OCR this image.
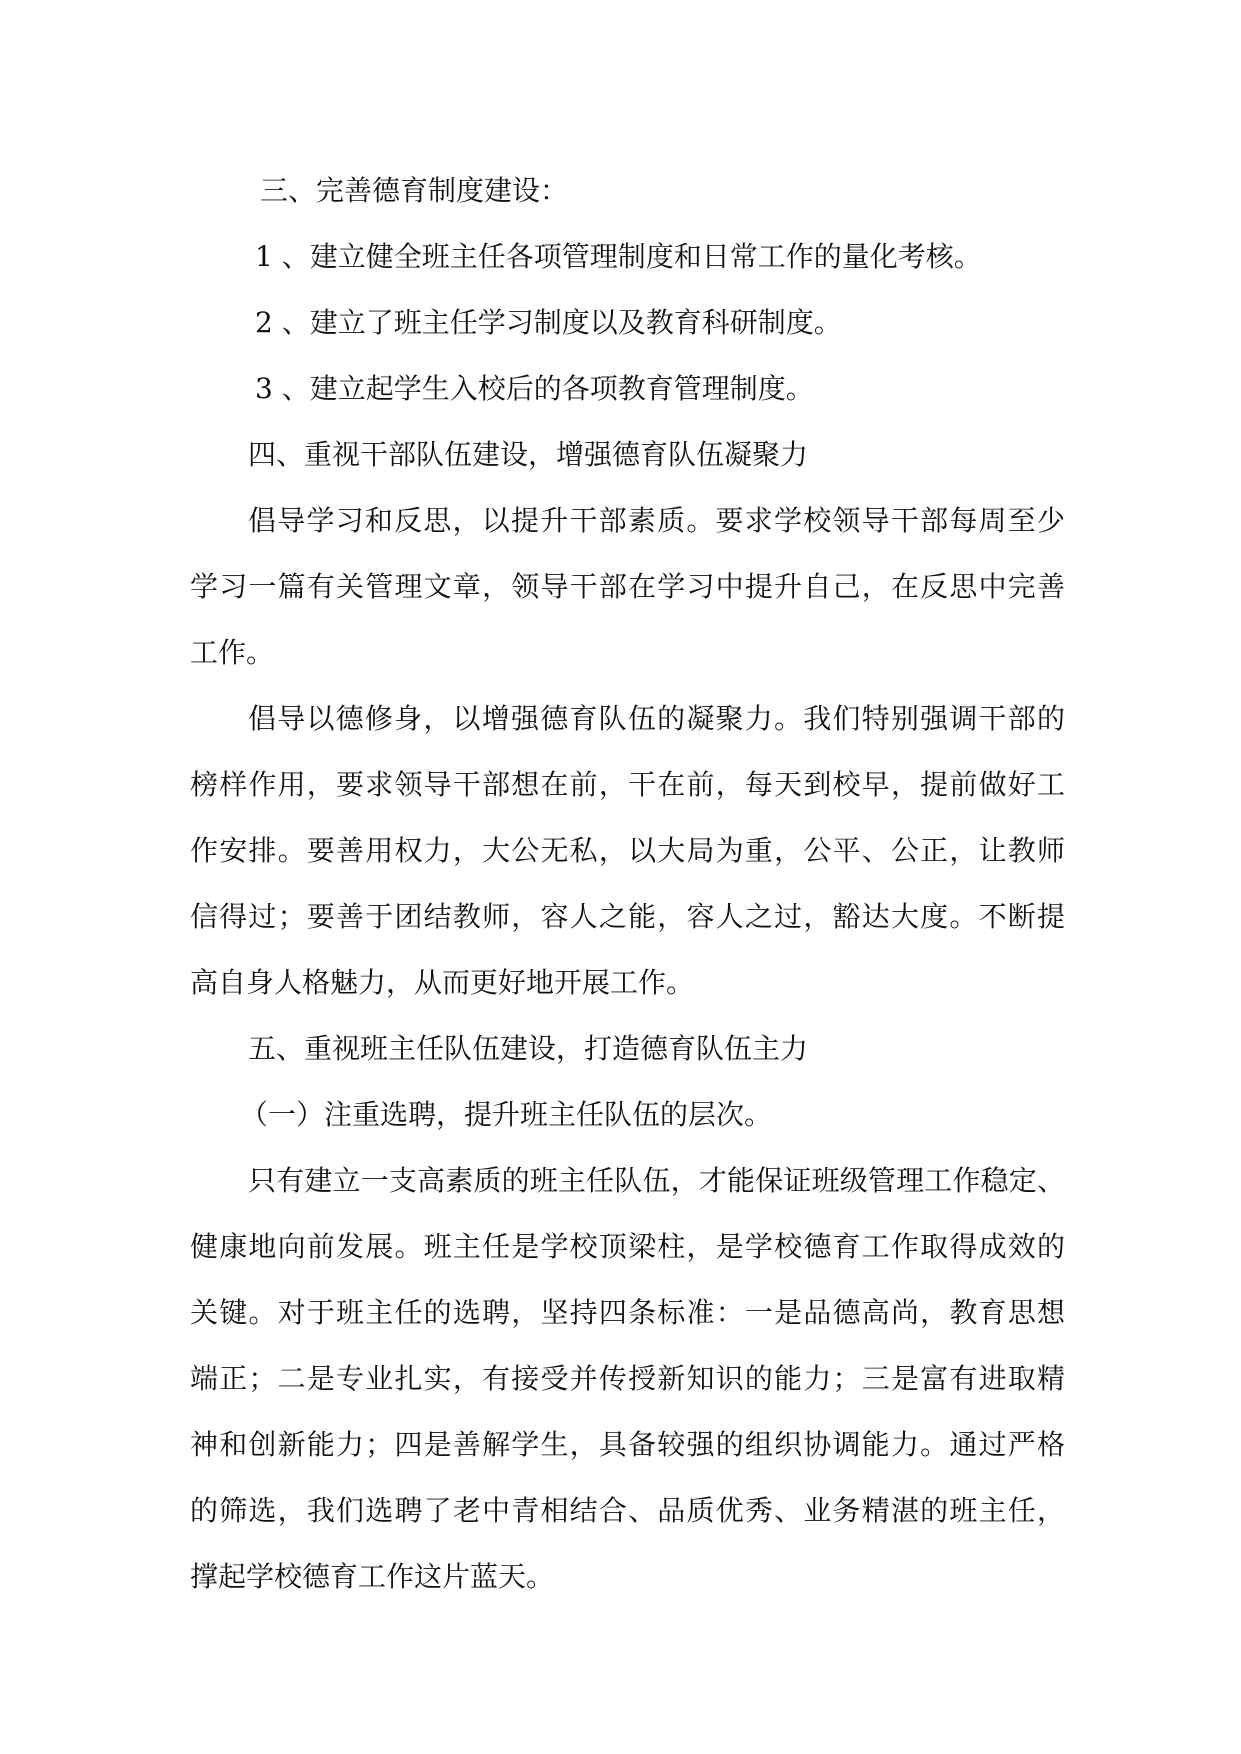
三、完善德育制度建设：

1 、建立健全班主任各项管理制度和日常工作的量化考核。

2 、建立了班主任学习制度以及教育科研制度。

3 、建立起学生入校后的各项教育管理制度。

四、重视干部队伍建设，增强德育队伍凝聚力

倡导学习和反思，以提升干部素质。要求学校领导干部每周至少

学习一篇有关管理文章，领导干部在学习中提升自己，在反思中完善

工作。

倡导以德修身，以增强德育队伍的凝聚力。我们特别强调干部的

榜样作用，要求领导干部想在前，干在前，每天到校早，提前做好工

作安排。要善用权力，大公无私，以大局为重，公平、公正，让教师

信得过；要善于团结教师，容人之能，容人之过，豁达大度。不断提

高自身人格魅力，从而更好地开展工作。

五、重视班主任队伍建设，打造德育队伍主力

（一）注重选聘，提升班主任队伍的层次。

只有建立一支高素质的班主任队伍，才能保证班级管理工作稳定、

健康地向前发展。班主任是学校顶梁柱，是学校德育工作取得成效的

关键。对于班主任的选聘，坚持四条标准：一是品德高尚，教育思想

端正；二是专业扎实，有接受并传授新知识的能力；三是富有进取精

神和创新能力；四是善解学生，具备较强的组织协调能力。通过严格

的筛选，我们选聘了老中青相结合、品质优秀、业务精湛的班主任，

撑起学校德育工作这片蓝天。
